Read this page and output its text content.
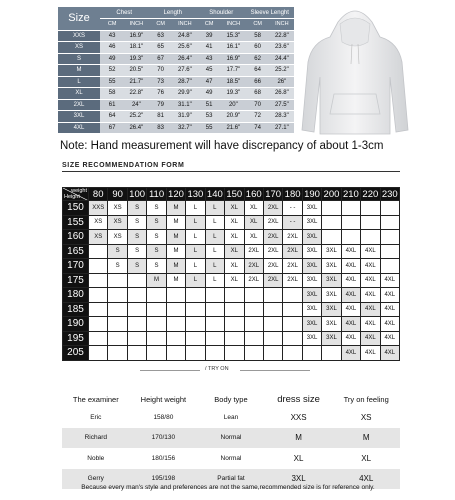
Size	Chest		Length		Shoulder		Sleeve Lenght	
	CM	INCH	CM	INCH	CM	INCH	CM	INCH
XXS	43	16.9"	63	24.8"	39	15.3"	58	22.8"
XS	46	18.1"	65	25.6"	41	16.1"	60	23.6"
S	49	19.3"	67	26.4"	43	16.9"	62	24.4"
M	52	20.5"	70	27.6"	45	17.7"	64	25.2"
L	55	21.7"	73	28.7"	47	18.5"	66	26"
XL	58	22.8"	76	29.9"	49	19.3"	68	26.8"
2XL	61	24"	79	31.1"	51	20"	70	27.5"
3XL	64	25.2"	81	31.9"	53	20.9"	72	28.3"
4XL	67	26.4"	83	32.7"	55	21.6"	74	27.1"
Note: Hand measurement will have discrepancy of about 1-3cm
SIZE RECOMMENDATION FORM
weight
Height	80	90	100	110	120	130	140	150	160	170	180	190	200	210	220	230
150	XXS	XS	S	S	M	L	L	XL	XL	2XL	- -	3XL				
155	XS	XS	S	S	M	L	L	XL	XL	2XL	- -	3XL				
160	XS	XS	S	S	M	L	L	XL	XL	2XL	2XL	3XL				
165		S	S	S	M	L	L	XL	2XL	2XL	2XL	3XL	3XL	4XL	4XL	
170		S	S	S	M	L	L	XL	2XL	2XL	2XL	3XL	3XL	4XL	4XL	
175				M	M	L	L	XL	2XL	2XL	2XL	3XL	3XL	4XL	4XL	4XL
180												3XL	3XL	4XL	4XL	4XL
185												3XL	3XL	4XL	4XL	4XL
190												3XL	3XL	4XL	4XL	4XL
195												3XL	3XL	4XL	4XL	4XL
205														4XL	4XL	4XL
/ TRY ON
The examiner	Height weight	Body type	dress size	Try on feeling
Eric	158/80	Lean	XXS	XS
Richard	170/130	Normal	M	M
Noble	180/156	Normal	XL	XL
Gerry	195/198	Partial fat	3XL	4XL
Because every man's style and preferences are not the same,recommended size is for reference only.
